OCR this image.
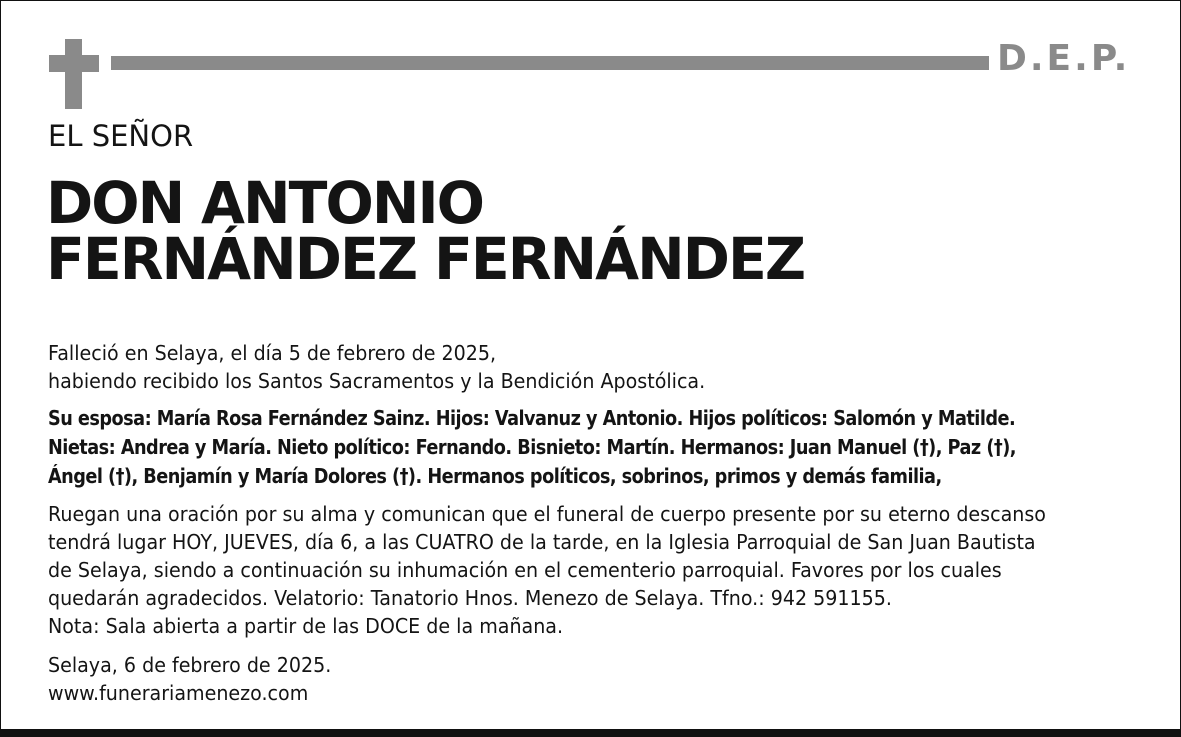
D.E.P.
EL SEÑOR
DON ANTONIO
FERNÁNDEZ FERNÁNDEZ
Falleció en Selaya, el día 5 de febrero de 2025,
habiendo recibido los Santos Sacramentos y la Bendición Apostólica.
Su esposa: María Rosa Fernández Sainz. Hijos: Valvanuz y Antonio. Hijos políticos: Salomón y Matilde.
Nietas: Andrea y María. Nieto político: Fernando. Bisnieto: Martín. Hermanos: Juan Manuel (†), Paz (†),
Ángel (†), Benjamín y María Dolores (†). Hermanos políticos, sobrinos, primos y demás familia,
Ruegan una oración por su alma y comunican que el funeral de cuerpo presente por su eterno descanso
tendrá lugar HOY, JUEVES, día 6, a las CUATRO de la tarde, en la Iglesia Parroquial de San Juan Bautista
de Selaya, siendo a continuación su inhumación en el cementerio parroquial. Favores por los cuales
quedarán agradecidos. Velatorio: Tanatorio Hnos. Menezo de Selaya. Tfno.: 942 591155.
Nota: Sala abierta a partir de las DOCE de la mañana.
Selaya, 6 de febrero de 2025.
www.funerariamenezo.com
